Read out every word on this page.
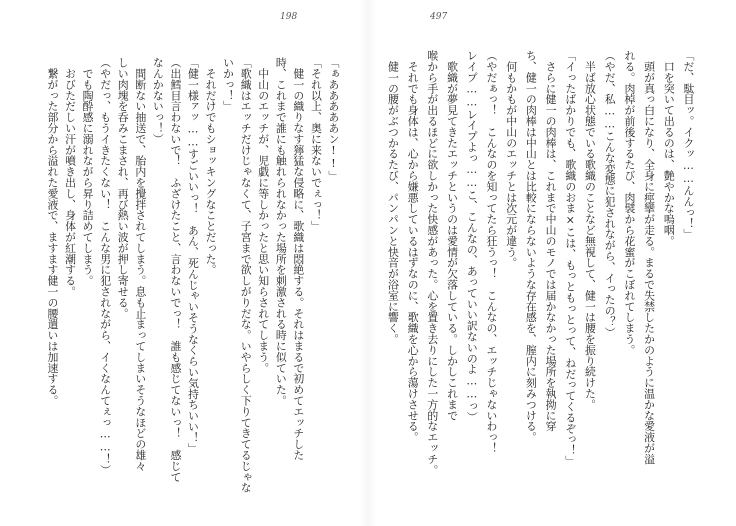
198
「ぁあああああン!!」
「それ以上、奥に来ないでぇっ！」
　健一の織りなす獰猛な侵略に、歌織は悶絶する。それはまるで初めてエッチした
時、これまで誰にも触れられなかった場所を刺激される時に似ていた。
　中山のエッチが、児戯に等しかったと思い知らされてしまう。
「歌織はエッチだけじゃなくて、子宮まで欲しがりだな。いやらしく下りてきてるじゃな
いかっ！」
　それだけでもショッキングなことだった。
「健一様ァッ……すごいいっ！　あん、死んじゃいそうなくらい気持ちいい！」
（出鱈目言わないで！　ふざけたこと、言わないでっ！　誰も感じてないっ！　感じて
なんかないっ！）
　間断ない抽送で、胎内を攪拌されてしまう。息も止まってしまいそうなほどの雄々
しい肉塊を呑みこまされ、再び熱い波が押し寄せる。
（やだっ、もうイきたくない！　こんな男に犯されながら、イくなんてぇっ……！）
　でも陶酔感に溺れながら昇り詰めてしまう。
　おびただしい汗が噴き出し、身体が紅潮する。
　繋がった部分から溢れた愛液で、ますます健一の腰遣いは加速する。
497
「だ、駄目ッ。イクッ……んんっ！」
　口を突いて出るのは、艶やかな嗚咽。
　頭が真っ白になり、全身に痙攣が走る。まるで失禁したかのように温かな愛液が溢
れる。肉棹が前後するたび、肉襞から花蜜がこぼれてしまう。
（やだ、私……こんな変態に犯されながら、イったの？）
　半ば放心状態でいる歌織のことなど無視して、健一は腰を振り続けた。
「イったばかりでも、歌織のおま×こは、もっともっとって、ねだってくるぞっ！」
　さらに健一の肉棒は、これまで中山のモノでは届かなかった場所を執拗に穿
ち、健一の肉棒は中山とは比較にならないような存在感を、膣内に刻みつける。
　何もかもが中山のエッチとは次元が違う。
（やだぁっ！　こんなのを知ってたら狂うっ！　こんなの、エッチじゃないわっ！
レイプ……レイプよっ……こ、こんなの、あっていい訳ないのよ……っ）
　歌織が夢見てきたエッチというのは愛情が欠落している。しかしこれまで
喉から手が出るほどに欲しかった快感があった。心を置き去りにした一方的なエッチ。
　それでも身体は、心から嫌悪しているはずなのに、歌織を心から蕩けさせる。
　健一の腰がぶつかるたび、パンパンと快音が浴室に響く。
